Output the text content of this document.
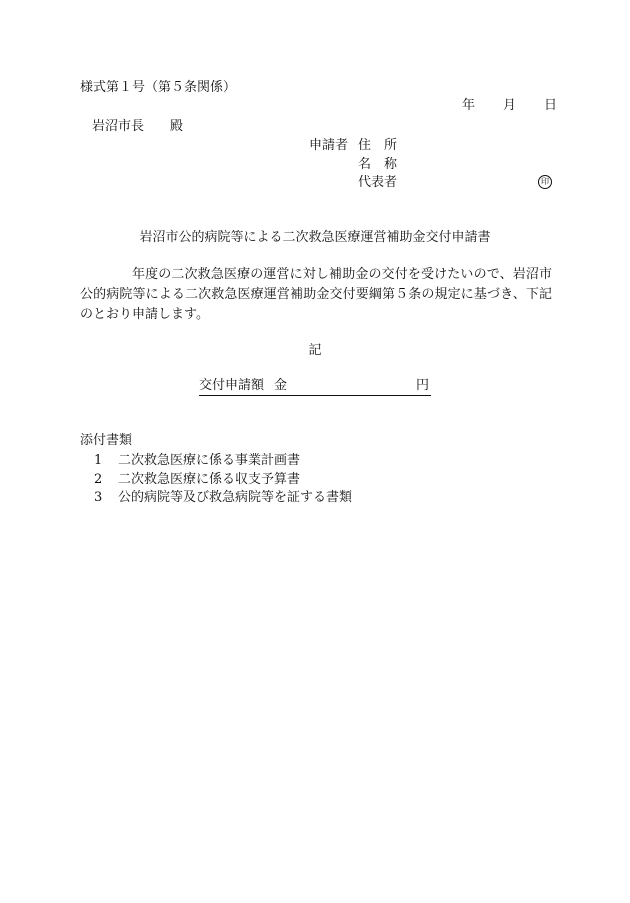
様式第１号（第５条関係）
年 月 日
岩沼市長 殿
申請者 住　所
名　称
代表者	印
岩沼市公的病院等による二次救急医療運営補助金交付申請書
年度の二次救急医療の運営に対し補助金の交付を受けたいので、岩沼市公的病院等による二次救急医療運営補助金交付要綱第５条の規定に基づき、下記のとおり申請します。
記
交付申請額 金	円
添付書類
1 二次救急医療に係る事業計画書
2 二次救急医療に係る収支予算書
3 公的病院等及び救急病院等を証する書類
